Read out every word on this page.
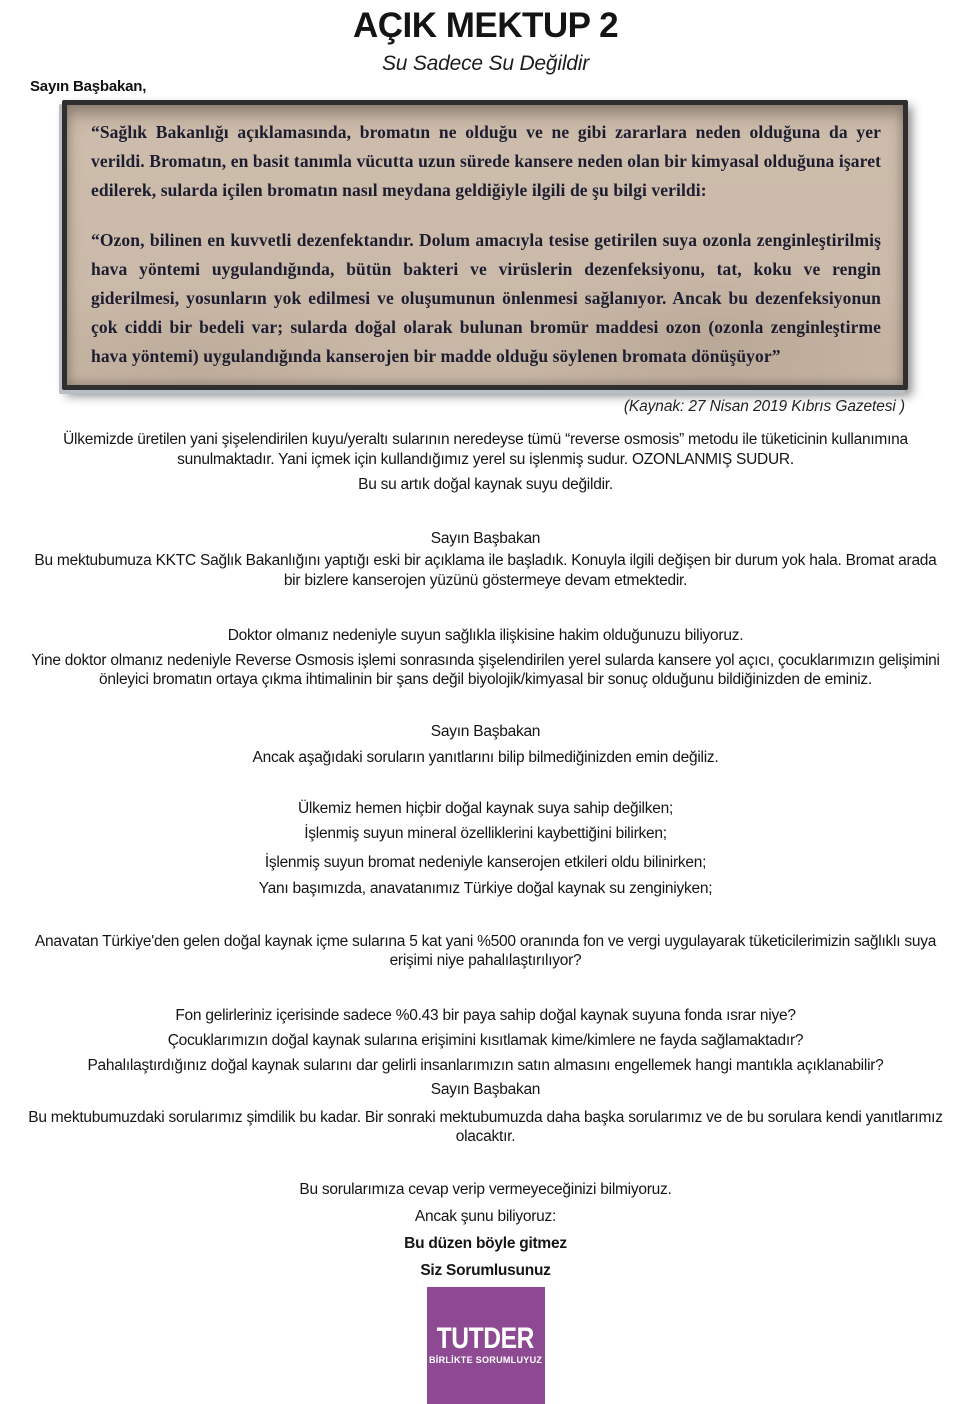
AÇIK MEKTUP 2
Su Sadece Su Değildir
Sayın Başbakan,

“Sağlık Bakanlığı açıklamasında, bromatın ne olduğu ve ne gibi zararlara neden olduğuna da yer verildi. Bromatın, en basit tanımla vücutta uzun sürede kansere neden olan bir kimyasal olduğuna işaret edilerek, sularda içilen bromatın nasıl meydana geldiğiyle ilgili de şu bilgi verildi:

“Ozon, bilinen en kuvvetli dezenfektandır. Dolum amacıyla tesise getirilen suya ozonla zenginleştirilmiş hava yöntemi uygulandığında, bütün bakteri ve virüslerin dezenfeksiyonu, tat, koku ve rengin giderilmesi, yosunların yok edilmesi ve oluşumunun önlenmesi sağlanıyor. Ancak bu dezenfeksiyonun çok ciddi bir bedeli var; sularda doğal olarak bulunan bromür maddesi ozon (ozonla zenginleştirme hava yöntemi) uygulandığında kanserojen bir madde olduğu söylenen bromata dönüşüyor”

(Kaynak: 27 Nisan 2019 Kıbrıs Gazetesi )

Ülkemizde üretilen yani şişelendirilen kuyu/yeraltı sularının neredeyse tümü “reverse osmosis” metodu ile tüketicinin kullanımına sunulmaktadır. Yani içmek için kullandığımız yerel su işlenmiş sudur. OZONLANMIŞ SUDUR.

Bu su artık doğal kaynak suyu değildir.

Sayın Başbakan

Bu mektubumuza KKTC Sağlık Bakanlığını yaptığı eski bir açıklama ile başladık. Konuyla ilgili değişen bir durum yok hala. Bromat arada bir bizlere kanserojen yüzünü göstermeye devam etmektedir.

Doktor olmanız nedeniyle suyun sağlıkla ilişkisine hakim olduğunuzu biliyoruz.

Yine doktor olmanız nedeniyle Reverse Osmosis işlemi sonrasında şişelendirilen yerel sularda kansere yol açıcı, çocuklarımızın gelişimini önleyici bromatın ortaya çıkma ihtimalinin bir şans değil biyolojik/kimyasal bir sonuç olduğunu bildiğinizden de eminiz.

Sayın Başbakan

Ancak aşağıdaki soruların yanıtlarını bilip bilmediğinizden emin değiliz.

Ülkemiz hemen hiçbir doğal kaynak suya sahip değilken;

İşlenmiş suyun mineral özelliklerini kaybettiğini bilirken;

İşlenmiş suyun bromat nedeniyle kanserojen etkileri oldu bilinirken;

Yanı başımızda, anavatanımız Türkiye doğal kaynak su zenginiyken;

Anavatan Türkiye'den gelen doğal kaynak içme sularına 5 kat yani %500 oranında fon ve vergi uygulayarak tüketicilerimizin sağlıklı suya erişimi niye pahalılaştırılıyor?

Fon gelirleriniz içerisinde sadece %0.43 bir paya sahip doğal kaynak suyuna fonda ısrar niye?

Çocuklarımızın doğal kaynak sularına erişimini kısıtlamak kime/kimlere ne fayda sağlamaktadır?

Pahalılaştırdığınız doğal kaynak sularını dar gelirli insanlarımızın satın almasını engellemek hangi mantıkla açıklanabilir?

Sayın Başbakan

Bu mektubumuzdaki sorularımız şimdilik bu kadar. Bir sonraki mektubumuzda daha başka sorularımız ve de bu sorulara kendi yanıtlarımız olacaktır.

Bu sorularımıza cevap verip vermeyeceğinizi bilmiyoruz.

Ancak şunu biliyoruz:

Bu düzen böyle gitmez

Siz Sorumlusunuz

TUTDER
BİRLİKTE SORUMLUYUZ
